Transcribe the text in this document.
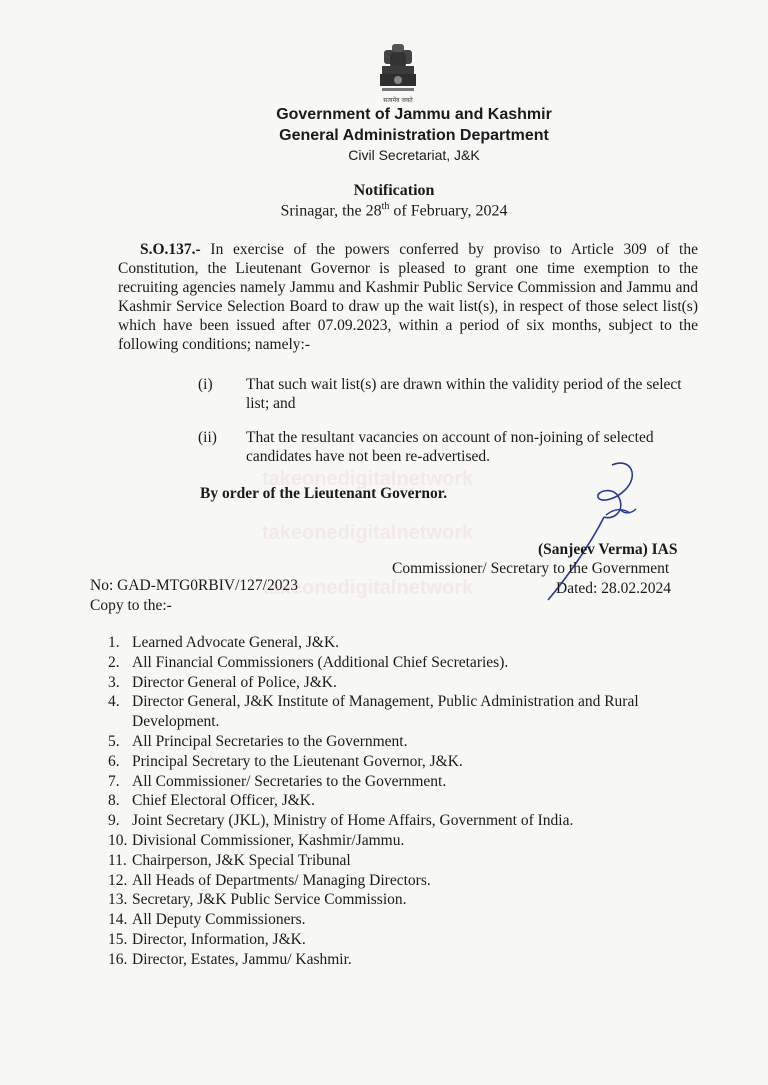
सत्यमेव जयते
Government of Jammu and Kashmir
General Administration Department
Civil Secretariat, J&K
Notification
Srinagar, the 28th of February, 2024
S.O.137.- In exercise of the powers conferred by proviso to Article 309 of the Constitution, the Lieutenant Governor is pleased to grant one time exemption to the recruiting agencies namely Jammu and Kashmir Public Service Commission and Jammu and Kashmir Service Selection Board to draw up the wait list(s), in respect of those select list(s) which have been issued after 07.09.2023, within a period of six months, subject to the following conditions; namely:-
(i) That such wait list(s) are drawn within the validity period of the select list; and
(ii) That the resultant vacancies on account of non-joining of selected candidates have not been re-advertised.
By order of the Lieutenant Governor.
(Sanjeev Verma) IAS
Commissioner/ Secretary to the Government
Dated: 28.02.2024
No: GAD-MTG0RBIV/127/2023
Copy to the:-
1. Learned Advocate General, J&K.
2. All Financial Commissioners (Additional Chief Secretaries).
3. Director General of Police, J&K.
4. Director General, J&K Institute of Management, Public Administration and Rural Development.
5. All Principal Secretaries to the Government.
6. Principal Secretary to the Lieutenant Governor, J&K.
7. All Commissioner/ Secretaries to the Government.
8. Chief Electoral Officer, J&K.
9. Joint Secretary (JKL), Ministry of Home Affairs, Government of India.
10. Divisional Commissioner, Kashmir/Jammu.
11. Chairperson, J&K Special Tribunal
12. All Heads of Departments/ Managing Directors.
13. Secretary, J&K Public Service Commission.
14. All Deputy Commissioners.
15. Director, Information, J&K.
16. Director, Estates, Jammu/ Kashmir.
takeonedigitalnetwork
takeonedigitalnetwork
takeonedigitalnetwork
